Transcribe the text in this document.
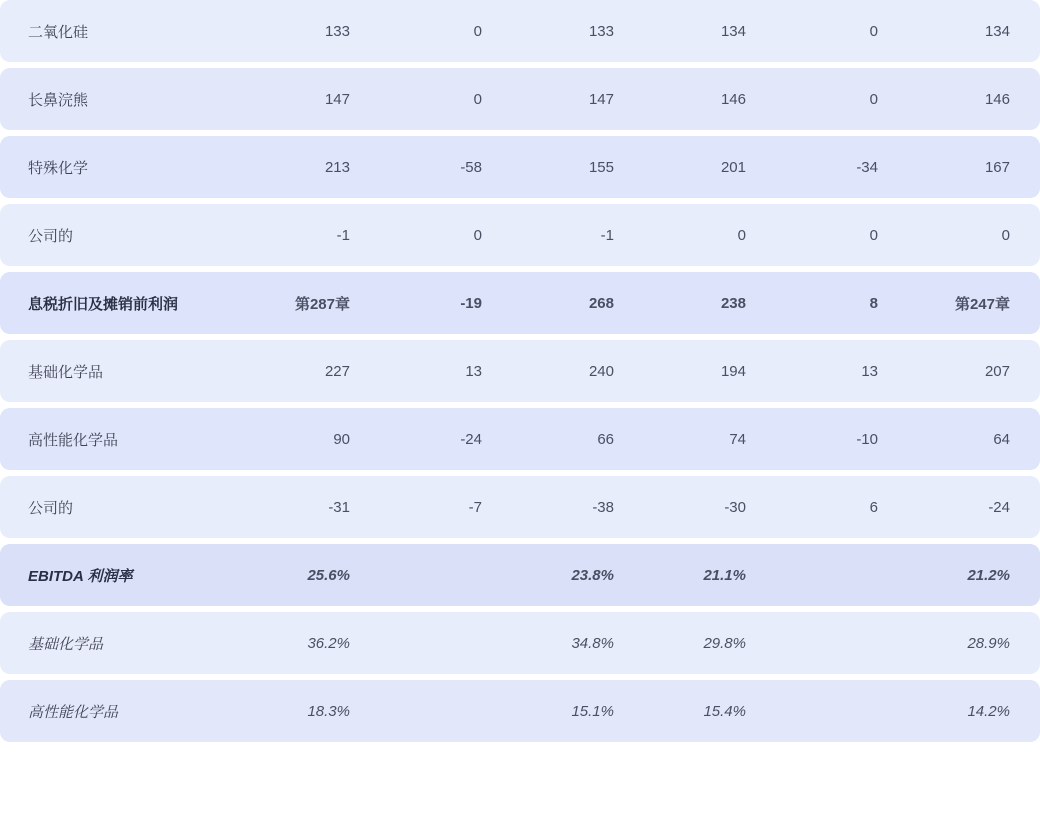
二氧化硅	133	0	133	134	0	134
长鼻浣熊	147	0	147	146	0	146
特殊化学	213	-58	155	201	-34	167
公司的	-1	0	-1	0	0	0
息税折旧及摊销前利润	第287章	-19	268	238	8	第247章
基础化学品	227	13	240	194	13	207
高性能化学品	90	-24	66	74	-10	64
公司的	-31	-7	-38	-30	6	-24
EBITDA 利润率	25.6%		23.8%	21.1%		21.2%
基础化学品	36.2%		34.8%	29.8%		28.9%
高性能化学品	18.3%		15.1%	15.4%		14.2%
